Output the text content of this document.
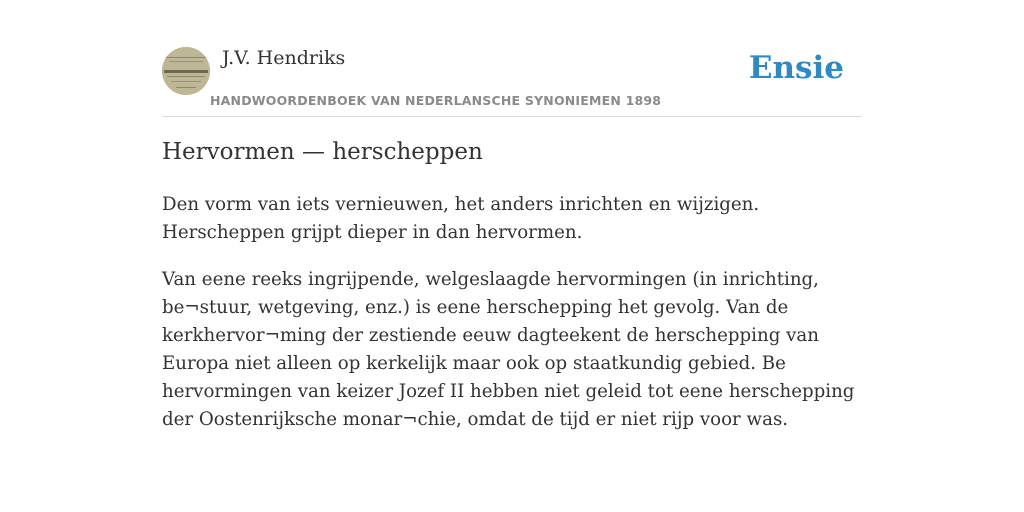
J.V. Hendriks
HANDWOORDENBOEK VAN NEDERLANSCHE SYNONIEMEN 1898
Ensie
Hervormen — herscheppen

Den vorm van iets vernieuwen, het anders inrichten en wijzigen. Herscheppen grijpt dieper in dan hervormen.

Van eene reeks ingrijpende, welgeslaagde hervormingen (in inrichting, be¬stuur, wetgeving, enz.) is eene herschepping het gevolg. Van de kerkhervor¬ming der zestiende eeuw dagteekent de herschepping van Europa niet alleen op kerkelijk maar ook op staatkundig gebied. Be hervormingen van keizer Jozef II hebben niet geleid tot eene herschepping der Oostenrijksche monar¬chie, omdat de tijd er niet rijp voor was.
